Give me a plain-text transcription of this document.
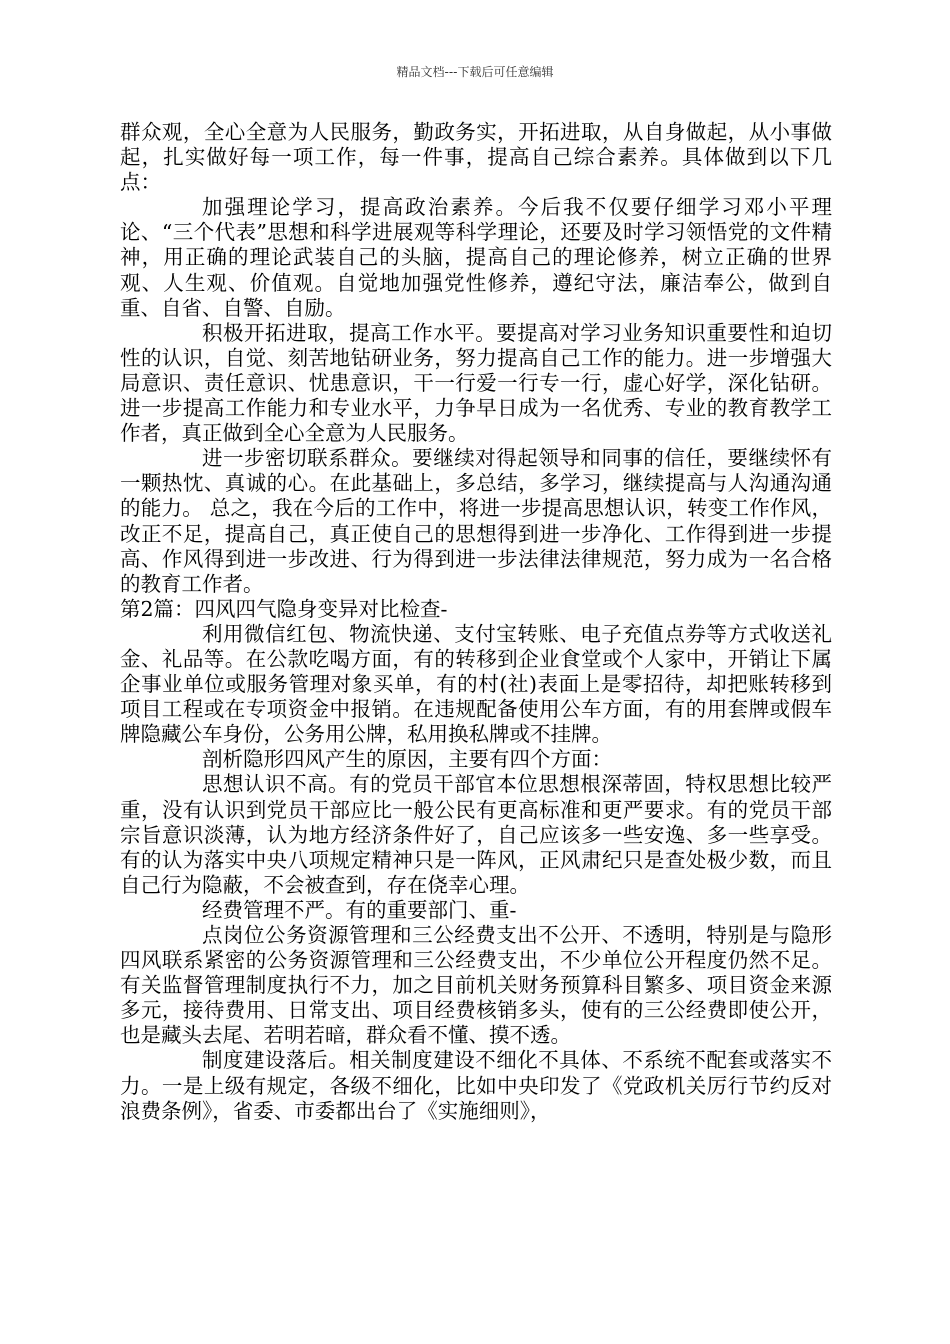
精品文档---下载后可任意编辑

群众观，全心全意为人民服务，勤政务实，开拓进取，从自身做起，从小事做起，扎实做好每一项工作，每一件事，提高自己综合素养。具体做到以下几点：

加强理论学习，提高政治素养。今后我不仅要仔细学习邓小平理论、“三个代表”思想和科学进展观等科学理论，还要及时学习领悟党的文件精神，用正确的理论武装自己的头脑，提高自己的理论修养，树立正确的世界观、人生观、价值观。自觉地加强党性修养，遵纪守法，廉洁奉公，做到自重、自省、自警、自励。

积极开拓进取，提高工作水平。要提高对学习业务知识重要性和迫切性的认识，自觉、刻苦地钻研业务，努力提高自己工作的能力。进一步增强大局意识、责任意识、忧患意识，干一行爱一行专一行，虚心好学，深化钻研。进一步提高工作能力和专业水平，力争早日成为一名优秀、专业的教育教学工作者，真正做到全心全意为人民服务。

进一步密切联系群众。要继续对得起领导和同事的信任，要继续怀有一颗热忱、真诚的心。在此基础上，多总结，多学习，继续提高与人沟通沟通的能力。 总之，我在今后的工作中，将进一步提高思想认识，转变工作作风，改正不足，提高自己，真正使自己的思想得到进一步净化、工作得到进一步提高、作风得到进一步改进、行为得到进一步法律法律规范，努力成为一名合格的教育工作者。

第2篇：四风四气隐身变异对比检查-

利用微信红包、物流快递、支付宝转账、电子充值点券等方式收送礼金、礼品等。在公款吃喝方面，有的转移到企业食堂或个人家中，开销让下属企事业单位或服务管理对象买单，有的村(社)表面上是零招待，却把账转移到项目工程或在专项资金中报销。在违规配备使用公车方面，有的用套牌或假车牌隐藏公车身份，公务用公牌，私用换私牌或不挂牌。

剖析隐形四风产生的原因，主要有四个方面：

思想认识不高。有的党员干部官本位思想根深蒂固，特权思想比较严重，没有认识到党员干部应比一般公民有更高标准和更严要求。有的党员干部宗旨意识淡薄，认为地方经济条件好了，自己应该多一些安逸、多一些享受。有的认为落实中央八项规定精神只是一阵风，正风肃纪只是查处极少数，而且自己行为隐蔽，不会被查到，存在侥幸心理。

经费管理不严。有的重要部门、重-

点岗位公务资源管理和三公经费支出不公开、不透明，特别是与隐形四风联系紧密的公务资源管理和三公经费支出，不少单位公开程度仍然不足。有关监督管理制度执行不力，加之目前机关财务预算科目繁多、项目资金来源多元，接待费用、日常支出、项目经费核销多头，使有的三公经费即使公开，也是藏头去尾、若明若暗，群众看不懂、摸不透。

制度建设落后。相关制度建设不细化不具体、不系统不配套或落实不力。一是上级有规定，各级不细化，比如中央印发了《党政机关厉行节约反对浪费条例》，省委、市委都出台了《实施细则》，
